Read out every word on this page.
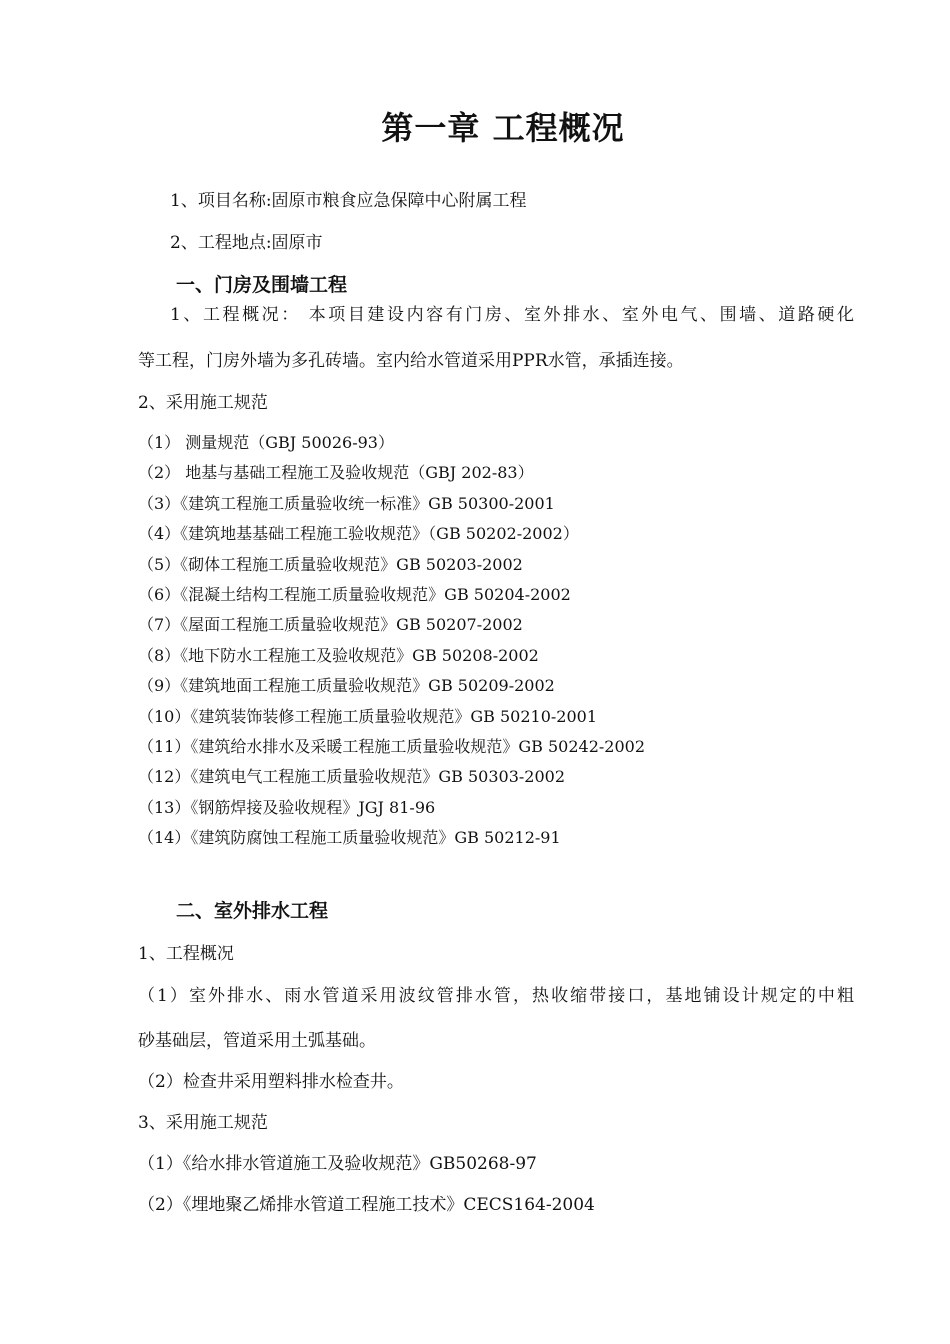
第一章 工程概况

1、项目名称:固原市粮食应急保障中心附属工程

2、工程地点:固原市

一、门房及围墙工程

1、工程概况： 本项目建设内容有门房、室外排水、室外电气、围墙、道路硬化

等工程，门房外墙为多孔砖墙。室内给水管道采用PPR水管，承插连接。

2、采用施工规范

（1） 测量规范（GBJ 50026-93）

（2） 地基与基础工程施工及验收规范（GBJ 202-83）

（3）《建筑工程施工质量验收统一标准》GB 50300-2001

（4）《建筑地基基础工程施工验收规范》（GB 50202-2002）

（5）《砌体工程施工质量验收规范》GB 50203-2002

（6）《混凝土结构工程施工质量验收规范》GB 50204-2002

（7）《屋面工程施工质量验收规范》GB 50207-2002

（8）《地下防水工程施工及验收规范》GB 50208-2002

（9）《建筑地面工程施工质量验收规范》GB 50209-2002

（10）《建筑装饰装修工程施工质量验收规范》GB 50210-2001

（11）《建筑给水排水及采暖工程施工质量验收规范》GB 50242-2002

（12）《建筑电气工程施工质量验收规范》GB 50303-2002

（13）《钢筋焊接及验收规程》JGJ 81-96

（14）《建筑防腐蚀工程施工质量验收规范》GB 50212-91

二、室外排水工程

1、工程概况

（1）室外排水、雨水管道采用波纹管排水管，热收缩带接口，基地铺设计规定的中粗

砂基础层，管道采用土弧基础。

（2）检查井采用塑料排水检查井。

3、采用施工规范

（1）《给水排水管道施工及验收规范》GB50268-97

（2）《埋地聚乙烯排水管道工程施工技术》CECS164-2004
